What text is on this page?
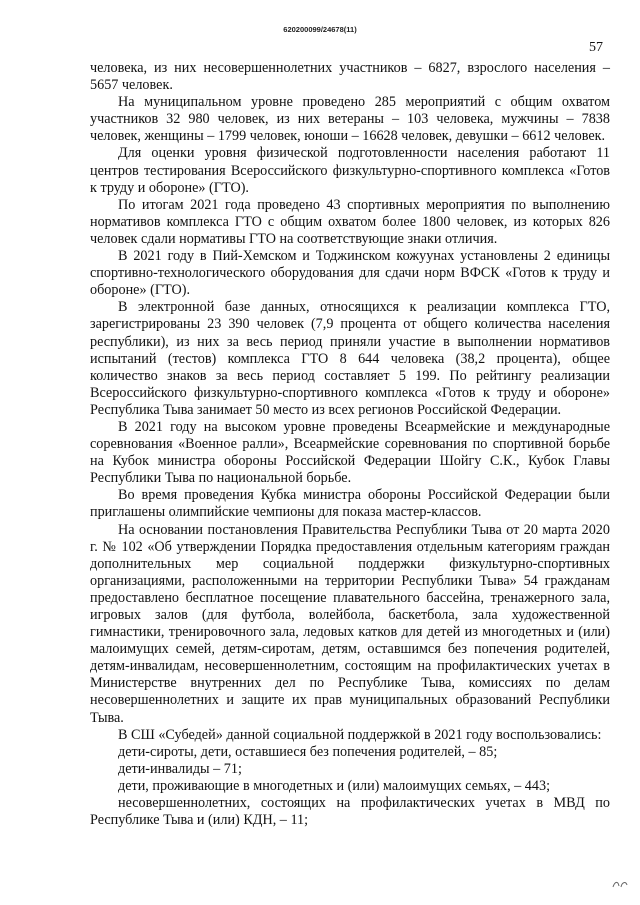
620200099/24678(11)
57

человека, из них несовершеннолетних участников – 6827, взрослого населения – 5657 человек.

На муниципальном уровне проведено 285 мероприятий с общим охватом участников 32 980 человек, из них ветераны – 103 человека, мужчины – 7838 человек, женщины – 1799 человек, юноши – 16628 человек, девушки – 6612 человек.

Для оценки уровня физической подготовленности населения работают 11 центров тестирования Всероссийского физкультурно-спортивного комплекса «Готов к труду и обороне» (ГТО).

По итогам 2021 года проведено 43 спортивных мероприятия по выполнению нормативов комплекса ГТО с общим охватом более 1800 человек, из которых 826 человек сдали нормативы ГТО на соответствующие знаки отличия.

В 2021 году в Пий-Хемском и Тоджинском кожуунах установлены 2 единицы спортивно-технологического оборудования для сдачи норм ВФСК «Готов к труду и обороне» (ГТО).

В электронной базе данных, относящихся к реализации комплекса ГТО, зарегистрированы 23 390 человек (7,9 процента от общего количества населения республики), из них за весь период приняли участие в выполнении нормативов испытаний (тестов) комплекса ГТО 8 644 человека (38,2 процента), общее количество знаков за весь период составляет 5 199. По рейтингу реализации Всероссийского физкультурно-спортивного комплекса «Готов к труду и обороне» Республика Тыва занимает 50 место из всех регионов Российской Федерации.

В 2021 году на высоком уровне проведены Всеармейские и международные соревнования «Военное ралли», Всеармейские соревнования по спортивной борьбе на Кубок министра обороны Российской Федерации Шойгу С.К., Кубок Главы Республики Тыва по национальной борьбе.

Во время проведения Кубка министра обороны Российской Федерации были приглашены олимпийские чемпионы для показа мастер-классов.

На основании постановления Правительства Республики Тыва от 20 марта 2020 г. № 102 «Об утверждении Порядка предоставления отдельным категориям граждан дополнительных мер социальной поддержки физкультурно-спортивных организациями, расположенными на территории Республики Тыва» 54 гражданам предоставлено бесплатное посещение плавательного бассейна, тренажерного зала, игровых залов (для футбола, волейбола, баскетбола, зала художественной гимнастики, тренировочного зала, ледовых катков для детей из многодетных и (или) малоимущих семей, детям-сиротам, детям, оставшимся без попечения родителей, детям-инвалидам, несовершеннолетним, состоящим на профилактических учетах в Министерстве внутренних дел по Республике Тыва, комиссиях по делам несовершеннолетних и защите их прав муниципальных образований Республики Тыва.

В СШ «Субедей» данной социальной поддержкой в 2021 году воспользовались:

дети-сироты, дети, оставшиеся без попечения родителей, – 85;

дети-инвалиды – 71;

дети, проживающие в многодетных и (или) малоимущих семьях, – 443;

несовершеннолетних, состоящих на профилактических учетах в МВД по Республике Тыва и (или) КДН, – 11;
